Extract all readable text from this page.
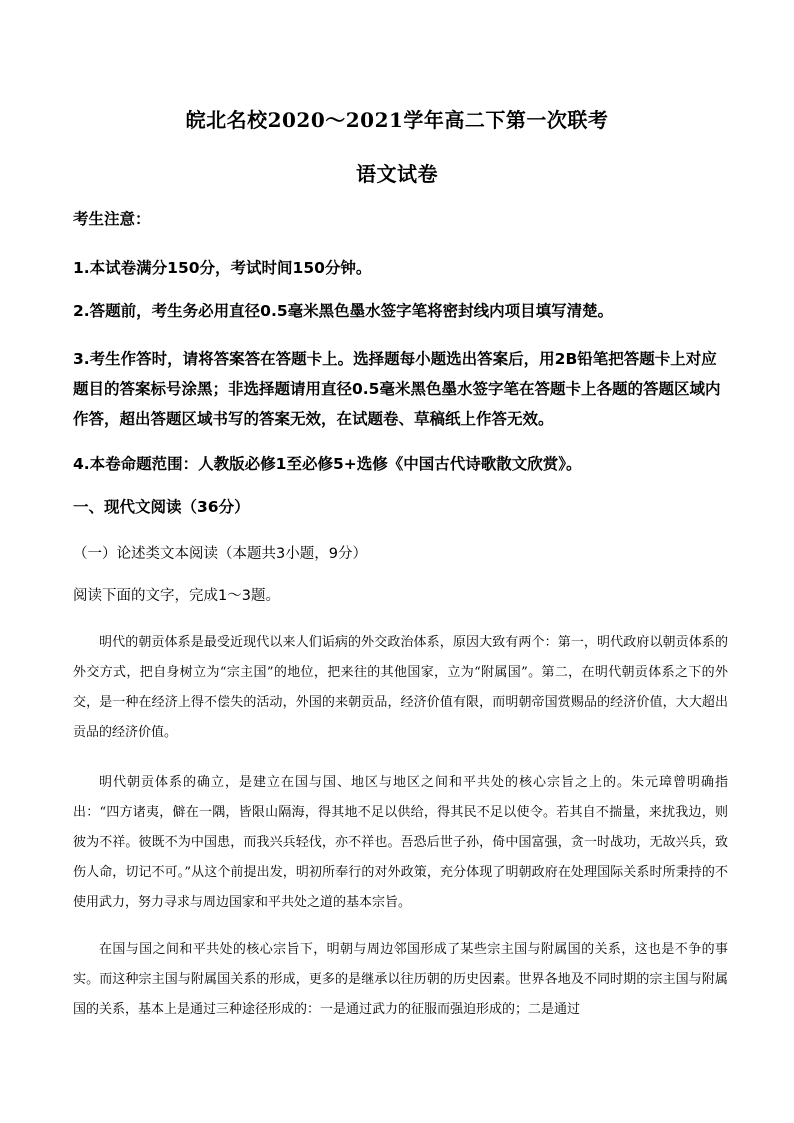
皖北名校2020～2021学年高二下第一次联考
语文试卷
考生注意：
1.本试卷满分150分，考试时间150分钟。
2.答题前，考生务必用直径0.5毫米黑色墨水签字笔将密封线内项目填写清楚。
3.考生作答时，请将答案答在答题卡上。选择题每小题选出答案后，用2B铅笔把答题卡上对应题目的答案标号涂黑；非选择题请用直径0.5毫米黑色墨水签字笔在答题卡上各题的答题区域内作答，超出答题区域书写的答案无效，在试题卷、草稿纸上作答无效。
4.本卷命题范围：人教版必修1至必修5+选修《中国古代诗歌散文欣赏》。
一、现代文阅读（36分）
（一）论述类文本阅读（本题共3小题，9分）
阅读下面的文字，完成1～3题。
明代的朝贡体系是最受近现代以来人们诟病的外交政治体系，原因大致有两个：第一，明代政府以朝贡体系的外交方式，把自身树立为“宗主国”的地位，把来往的其他国家，立为“附属国”。第二，在明代朝贡体系之下的外交，是一种在经济上得不偿失的活动，外国的来朝贡品，经济价值有限，而明朝帝国赏赐品的经济价值，大大超出贡品的经济价值。
明代朝贡体系的确立，是建立在国与国、地区与地区之间和平共处的核心宗旨之上的。朱元璋曾明确指出：“四方诸夷，僻在一隅，皆限山隔海，得其地不足以供给，得其民不足以使令。若其自不揣量，来扰我边，则彼为不祥。彼既不为中国患，而我兴兵轻伐，亦不祥也。吾恐后世子孙，倚中国富强，贪一时战功，无故兴兵，致伤人命，切记不可。”从这个前提出发，明初所奉行的对外政策，充分体现了明朝政府在处理国际关系时所秉持的不使用武力，努力寻求与周边国家和平共处之道的基本宗旨。
在国与国之间和平共处的核心宗旨下，明朝与周边邻国形成了某些宗主国与附属国的关系，这也是不争的事实。而这种宗主国与附属国关系的形成，更多的是继承以往历朝的历史因素。世界各地及不同时期的宗主国与附属国的关系，基本上是通过三种途径形成的：一是通过武力的征服而强迫形成的；二是通过
